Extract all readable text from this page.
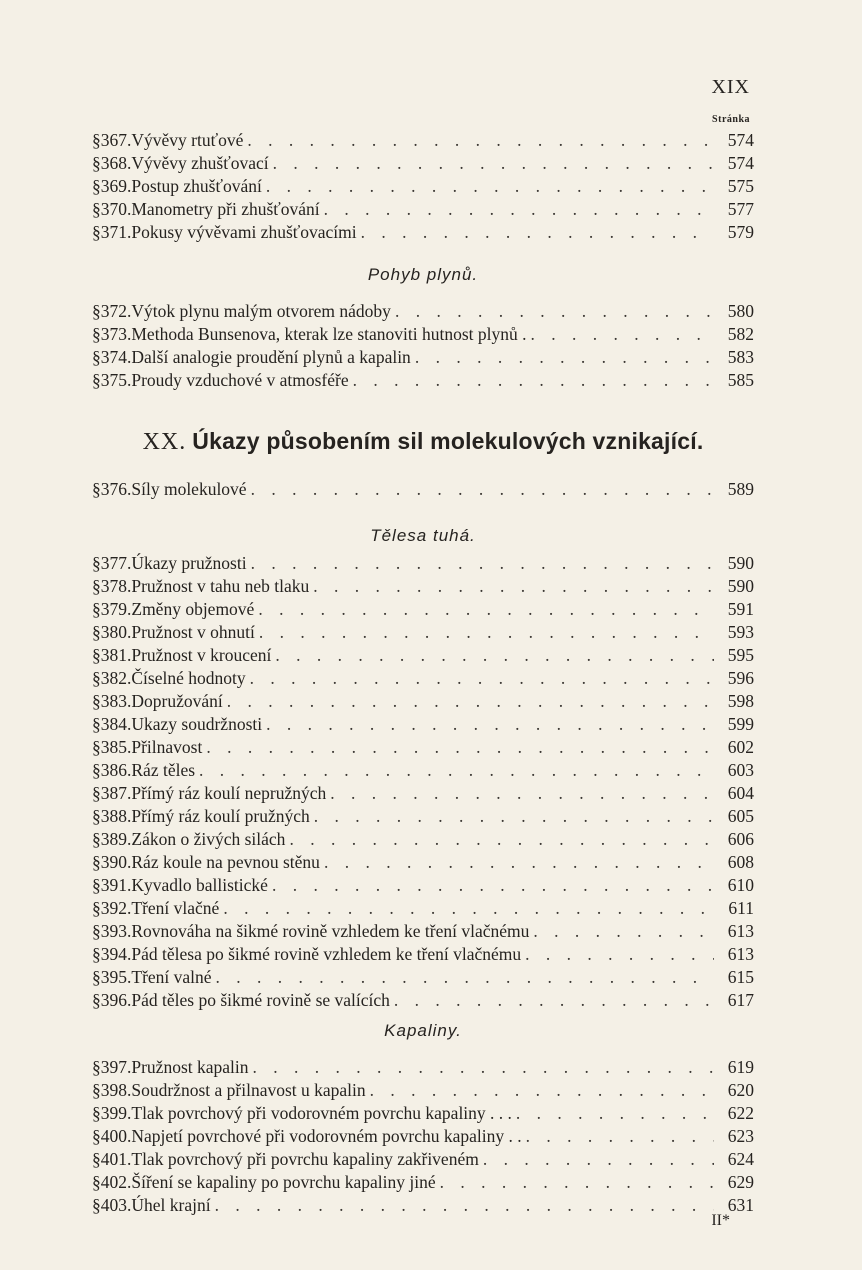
XIX
Stránka
§ 367. Vývěvy rtuťové . . .	574
§ 368. Vývěvy zhušťovací . . .	574
§ 369. Postup zhušťování . . .	575
§ 370. Manometry při zhušťování . . .	577
§ 371. Pokusy vývěvami zhušťovacími . . .	579
Pohyb plynů.
§ 372. Výtok plynu malým otvorem nádoby . . .	580
§ 373. Methoda Bunsenova, kterak lze stanoviti hutnost plynů . . . .	582
§ 374. Další analogie proudění plynů a kapalin . . .	583
§ 375. Proudy vzduchové v atmosféře . . .	585
XX. Úkazy působením sil molekulových vznikající.
§ 376. Síly molekulové . . .	589
Tělesa tuhá.
§ 377. Úkazy pružnosti . . .	590
§ 378. Pružnost v tahu neb tlaku . . .	590
§ 379. Změny objemové . . .	591
§ 380. Pružnost v ohnutí . . .	593
§ 381. Pružnost v kroucení . . .	595
§ 382. Číselné hodnoty . . .	596
§ 383. Dopružování . . .	598
§ 384. Ukazy soudržnosti . . .	599
§ 385. Přilnavost . . .	602
§ 386. Ráz těles . . .	603
§ 387. Přímý ráz koulí nepružných . . .	604
§ 388. Přímý ráz koulí pružných . . .	605
§ 389. Zákon o živých silách . . .	606
§ 390. Ráz koule na pevnou stěnu . . .	608
§ 391. Kyvadlo ballistické . . .	610
§ 392. Tření vlačné . . .	611
§ 393. Rovnováha na šikmé rovině vzhledem ke tření vlačnému . . .	613
§ 394. Pád tělesa po šikmé rovině vzhledem ke tření vlačnému . . .	613
§ 395. Tření valné . . .	615
§ 396. Pád těles po šikmé rovině se valících . . .	617
Kapaliny.
§ 397. Pružnost kapalin . . .	619
§ 398. Soudržnost a přilnavost u kapalin . . .	620
§ 399. Tlak povrchový při vodorovném povrchu kapaliny . . . . . .	622
§ 400. Napjetí povrchové při vodorovném povrchu kapaliny . . . . .	623
§ 401. Tlak povrchový při povrchu kapaliny zakřiveném . . .	624
§ 402. Šíření se kapaliny po povrchu kapaliny jiné . . .	629
§ 403. Úhel krajní . . .	631
II*
